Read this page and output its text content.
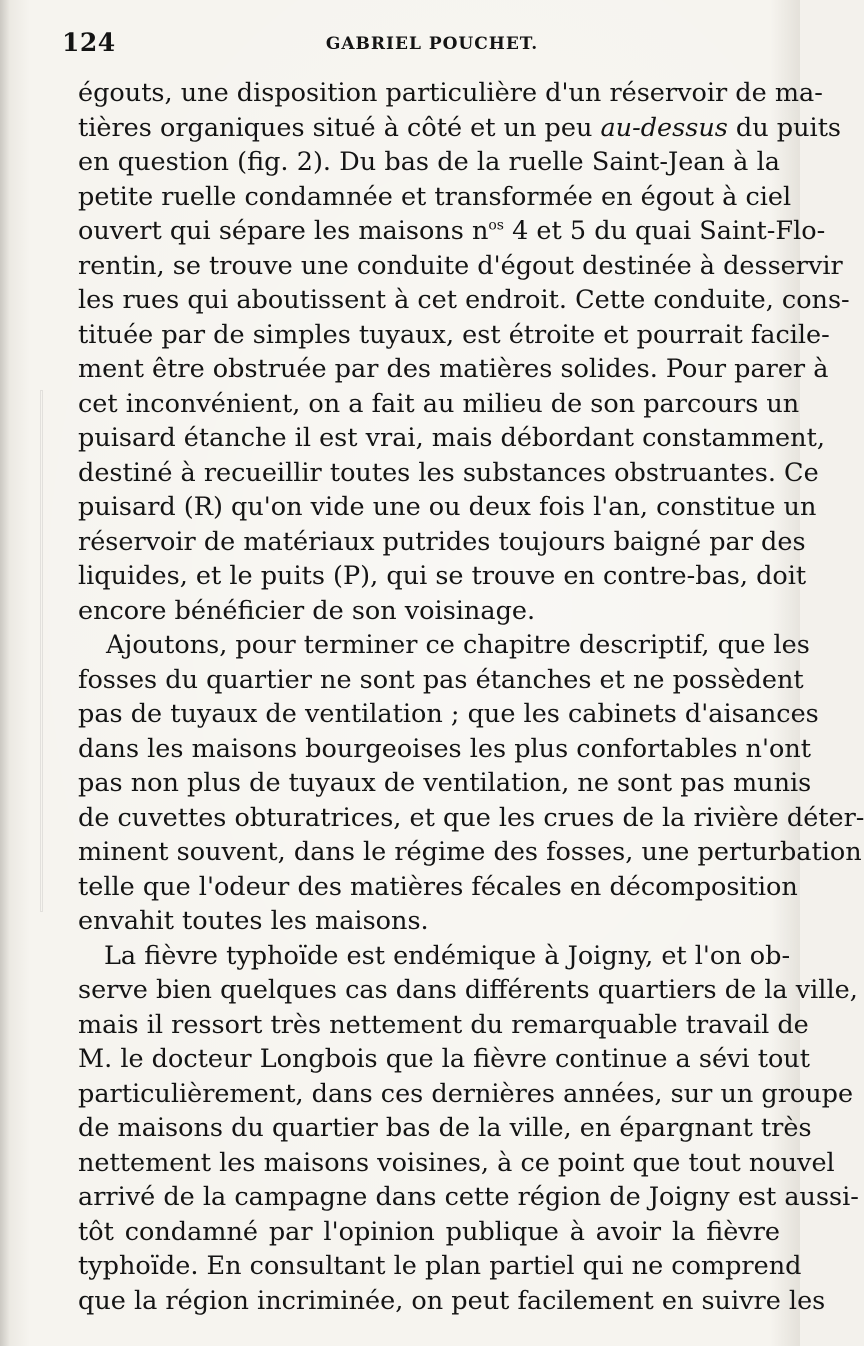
124	GABRIEL POUCHET.
égouts, une disposition particulière d'un réservoir de ma-
tières organiques situé à côté et un peu au-dessus du puits
en question (fig. 2). Du bas de la ruelle Saint-Jean à la
petite ruelle condamnée et transformée en égout à ciel
ouvert qui sépare les maisons $n^{os}$ 4 et 5 du quai Saint-Flo-
rentin, se trouve une conduite d'égout destinée à desservir
les rues qui aboutissent à cet endroit. Cette conduite, cons-
tituée par de simples tuyaux, est étroite et pourrait facile-
ment être obstruée par des matières solides. Pour parer à
cet inconvénient, on a fait au milieu de son parcours un
puisard étanche il est vrai, mais débordant constamment,
destiné à recueillir toutes les substances obstruantes. Ce
puisard (R) qu'on vide une ou deux fois l'an, constitue un
réservoir de matériaux putrides toujours baigné par des
liquides, et le puits (P), qui se trouve en contre-bas, doit
encore bénéficier de son voisinage.
Ajoutons, pour terminer ce chapitre descriptif, que les
fosses du quartier ne sont pas étanches et ne possèdent
pas de tuyaux de ventilation ; que les cabinets d'aisances
dans les maisons bourgeoises les plus confortables n'ont
pas non plus de tuyaux de ventilation, ne sont pas munis
de cuvettes obturatrices, et que les crues de la rivière déter-
minent souvent, dans le régime des fosses, une perturbation
telle que l'odeur des matières fécales en décomposition
envahit toutes les maisons.
La fièvre typhoïde est endémique à Joigny, et l'on ob-
serve bien quelques cas dans différents quartiers de la ville,
mais il ressort très nettement du remarquable travail de
M. le docteur Longbois que la fièvre continue a sévi tout
particulièrement, dans ces dernières années, sur un groupe
de maisons du quartier bas de la ville, en épargnant très
nettement les maisons voisines, à ce point que tout nouvel
arrivé de la campagne dans cette région de Joigny est aussi-
tôt condamné par l'opinion publique à avoir la fièvre
typhoïde. En consultant le plan partiel qui ne comprend
que la région incriminée, on peut facilement en suivre les
